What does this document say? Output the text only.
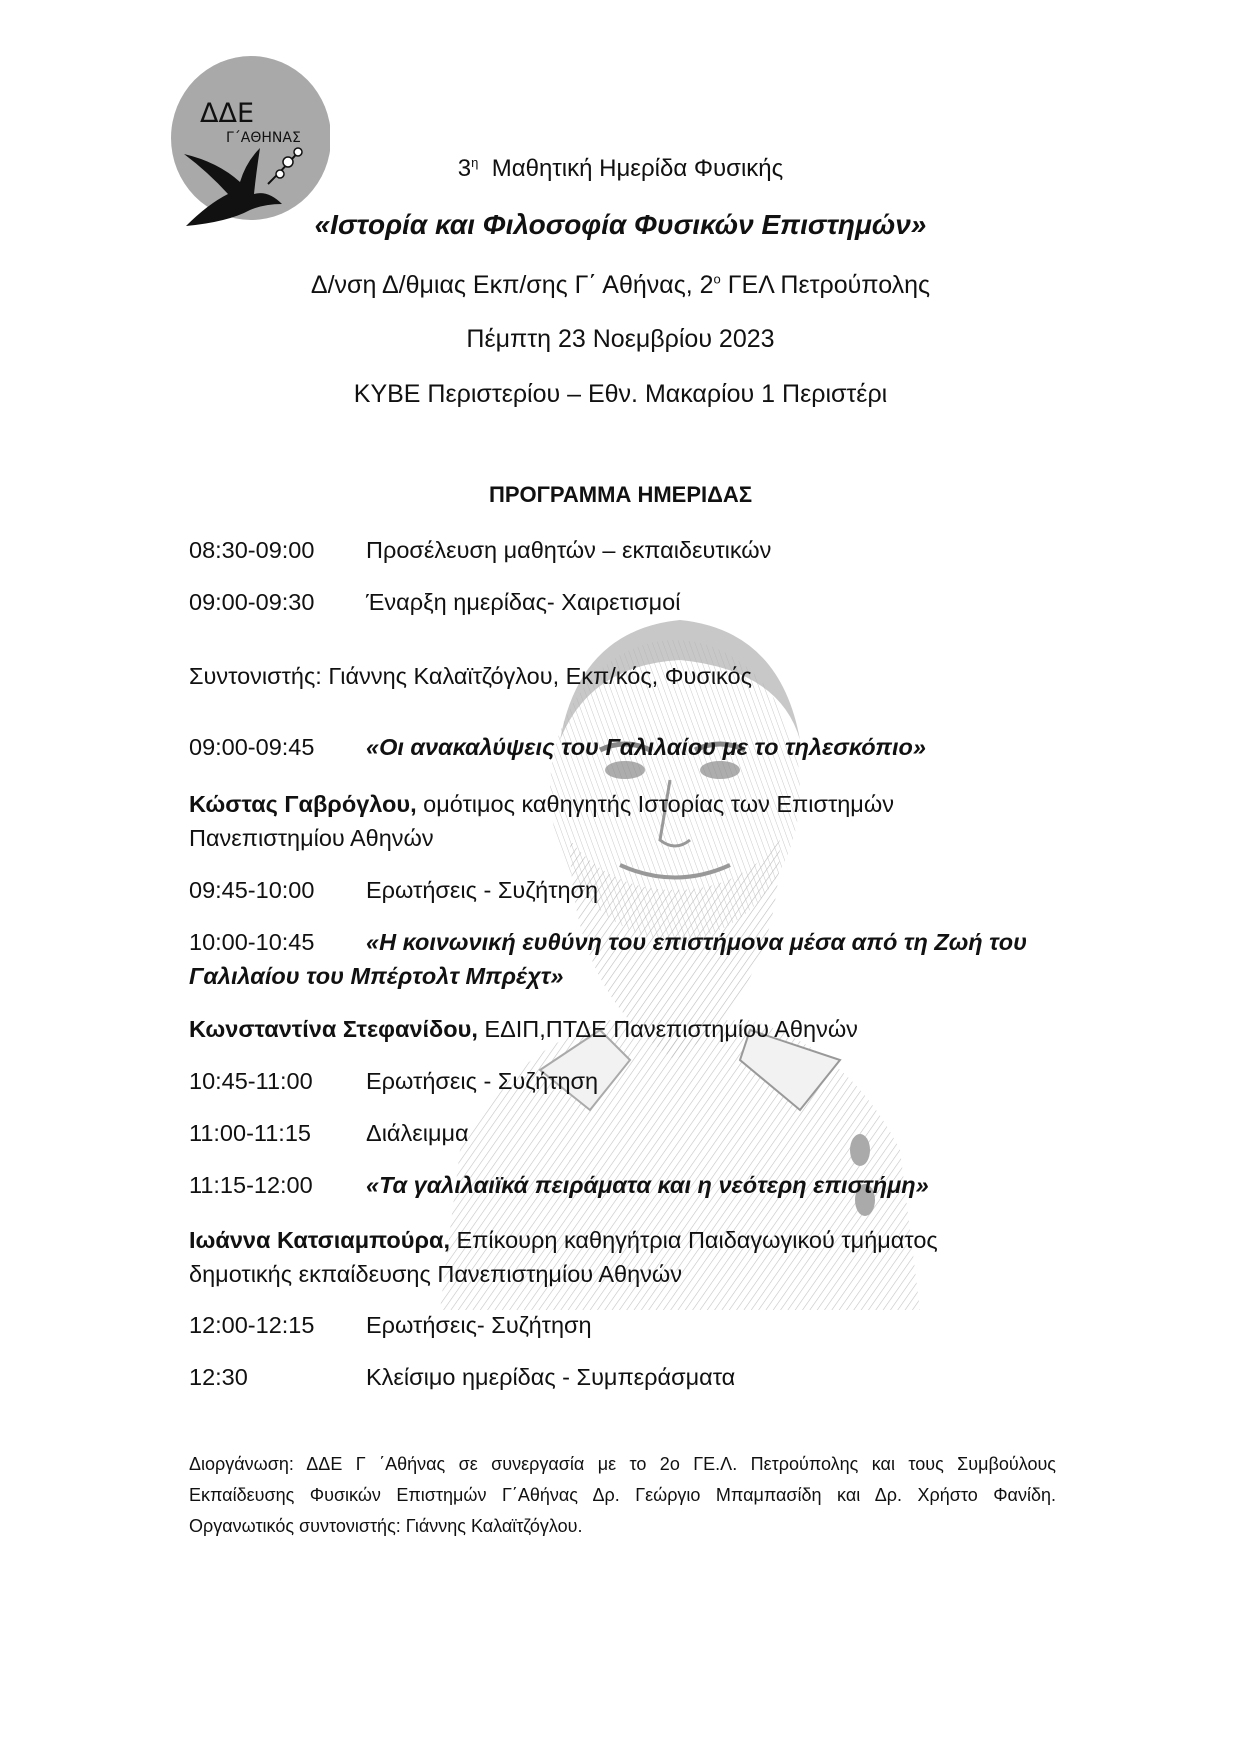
ΔΔΕ
Γ΄ΑΘΗΝΑΣ
$3^\eta$ Μαθητική Ημερίδα Φυσικής
«Ιστορία και Φιλοσοφία Φυσικών Επιστημών»
Δ/νση Δ/θμιας Εκπ/σης Γ΄ Αθήνας, $2^o$ ΓΕΛ Πετρούπολης
Πέμπτη 23 Νοεμβρίου 2023
ΚΥΒΕ Περιστερίου – Εθν. Μακαρίου 1 Περιστέρι
ΠΡΟΓΡΑΜΜΑ ΗΜΕΡΙΔΑΣ
08:30-09:00 Προσέλευση μαθητών – εκπαιδευτικών
09:00-09:30 Έναρξη ημερίδας- Χαιρετισμοί
Συντονιστής: Γιάννης Καλαϊτζόγλου, Εκπ/κός, Φυσικός
09:00-09:45 «Οι ανακαλύψεις του Γαλιλαίου με το τηλεσκόπιο»
Κώστας Γαβρόγλου, ομότιμος καθηγητής Ιστορίας των Επιστημών
Πανεπιστημίου Αθηνών
09:45-10:00 Ερωτήσεις - Συζήτηση
10:00-10:45 «Η κοινωνική ευθύνη του επιστήμονα μέσα από τη Ζωή του
Γαλιλαίου του Μπέρτολτ Μπρέχτ»
Κωνσταντίνα Στεφανίδου, ΕΔΙΠ,ΠΤΔΕ Πανεπιστημίου Αθηνών
10:45-11:00 Ερωτήσεις - Συζήτηση
11:00-11:15 Διάλειμμα
11:15-12:00 «Τα γαλιλαιϊκά πειράματα και η νεότερη επιστήμη»
Ιωάννα Κατσιαμπούρα, Επίκουρη καθηγήτρια Παιδαγωγικού τμήματος
δημοτικής εκπαίδευσης Πανεπιστημίου Αθηνών
12:00-12:15 Ερωτήσεις- Συζήτηση
12:30	Κλείσιμο ημερίδας - Συμπεράσματα
Διοργάνωση: ΔΔΕ Γ ΄Αθήνας σε συνεργασία με το 2ο ΓΕ.Λ. Πετρούπολης και τους Συμβούλους Εκπαίδευσης Φυσικών Επιστημών Γ΄Αθήνας Δρ. Γεώργιο Μπαμπασίδη και Δρ. Χρήστο Φανίδη. Οργανωτικός συντονιστής: Γιάννης Καλαϊτζόγλου.
